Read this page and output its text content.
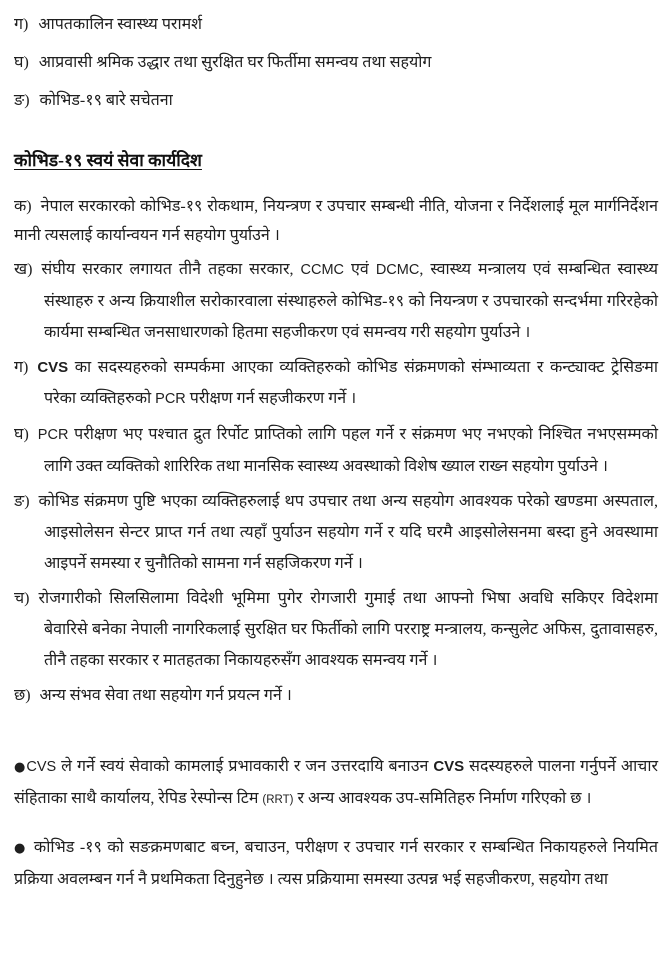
ग) आपतकालिन स्वास्थ्य परामर्श

घ) आप्रवासी श्रमिक उद्धार तथा सुरक्षित घर फिर्तीमा समन्वय तथा सहयोग

ङ) कोभिड-१९ बारे सचेतना

कोभिड-१९ स्वयं सेवा कार्यदिश

क) नेपाल सरकारको कोभिड-१९ रोकथाम, नियन्त्रण र उपचार सम्बन्धी नीति, योजना र निर्देशलाई मूल मार्गनिर्देशन मानी त्यसलाई कार्यान्वयन गर्न सहयोग पुर्याउने ।

ख) संघीय सरकार लगायत तीनै तहका सरकार, CCMC एवं DCMC, स्वास्थ्य मन्त्रालय एवं सम्बन्धित स्वास्थ्य संस्थाहरु र अन्य क्रियाशील सरोकारवाला संस्थाहरुले कोभिड-१९ को नियन्त्रण र उपचारको सन्दर्भमा गरिरहेको कार्यमा सम्बन्धित जनसाधारणको हितमा सहजीकरण एवं समन्वय गरी सहयोग पुर्याउने ।

ग) CVS का सदस्यहरुको सम्पर्कमा आएका व्यक्तिहरुको कोभिड संक्रमणको संम्भाव्यता र कन्ट्याक्ट ट्रेसिङमा परेका व्यक्तिहरुको PCR परीक्षण गर्न सहजीकरण गर्ने ।

घ) PCR परीक्षण भए पश्चात द्रुत रिर्पोट प्राप्तिको लागि पहल गर्ने र संक्रमण भए नभएको निश्चित नभएसम्मको लागि उक्त व्यक्तिको शारिरिक तथा मानसिक स्वास्थ्य अवस्थाको विशेष ख्याल राख्न सहयोग पुर्याउने ।

ङ) कोभिड संक्रमण पुष्टि भएका व्यक्तिहरुलाई थप उपचार तथा अन्य सहयोग आवश्यक परेको खण्डमा अस्पताल, आइसोलेसन सेन्टर प्राप्त गर्न तथा त्यहाँ पुर्याउन सहयोग गर्ने र यदि घरमै आइसोलेसनमा बस्दा हुने अवस्थामा आइपर्ने समस्या र चुनौतिको सामना गर्न सहजिकरण गर्ने ।

च) रोजगारीको सिलसिलामा विदेशी भूमिमा पुगेर रोगजारी गुमाई तथा आफ्नो भिषा अवधि सकिएर विदेशमा बेवारिसे बनेका नेपाली नागरिकलाई सुरक्षित घर फिर्तीको लागि परराष्ट्र मन्त्रालय, कन्सुलेट अफिस, दुतावासहरु, तीनै तहका सरकार र मातहतका निकायहरुसँग आवश्यक समन्वय गर्ने ।

छ) अन्य संभव सेवा तथा सहयोग गर्न प्रयत्न गर्ने ।

●CVS ले गर्ने स्वयं सेवाको कामलाई प्रभावकारी र जन उत्तरदायि बनाउन CVS सदस्यहरुले पालना गर्नुपर्ने आचार संहिताका साथै कार्यालय, रेपिड रेस्पोन्स टिम (RRT) र अन्य आवश्यक उप-समितिहरु निर्माण गरिएको छ ।

● कोभिड -१९ को सङक्रमणबाट बच्न, बचाउन, परीक्षण र उपचार गर्न सरकार र सम्बन्धित निकायहरुले नियमित प्रक्रिया अवलम्बन गर्न नै प्रथमिकता दिनुहुनेछ । त्यस प्रक्रियामा समस्या उत्पन्न भई सहजीकरण, सहयोग तथा
